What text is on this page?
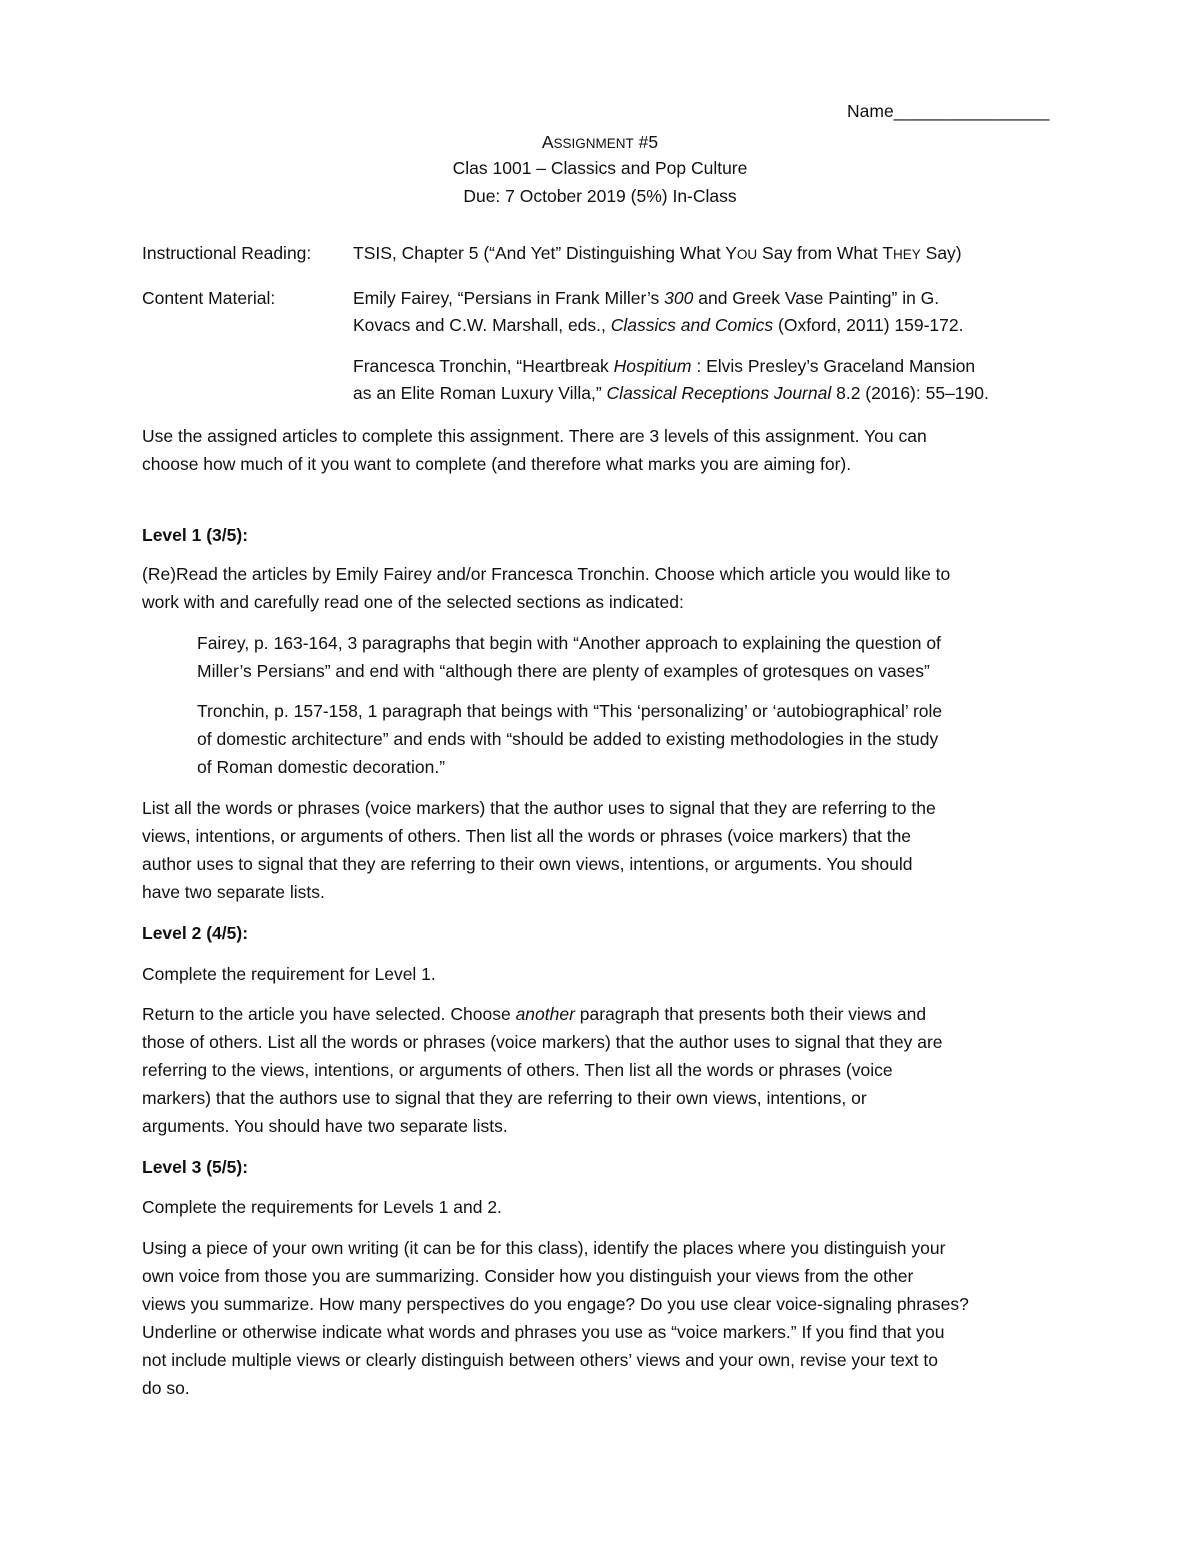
Name________________
ASSIGNMENT #5
Clas 1001 – Classics and Pop Culture
Due: 7 October 2019 (5%) In-Class
Instructional Reading: TSIS, Chapter 5 (“And Yet” Distinguishing What YOU Say from What THEY Say)
Content Material:	Emily Fairey, “Persians in Frank Miller’s 300 and Greek Vase Painting” in G.
Kovacs and C.W. Marshall, eds., Classics and Comics (Oxford, 2011) 159-172.
Francesca Tronchin, “Heartbreak Hospitium : Elvis Presley’s Graceland Mansion
as an Elite Roman Luxury Villa,” Classical Receptions Journal 8.2 (2016): 55–190.
Use the assigned articles to complete this assignment. There are 3 levels of this assignment. You can
choose how much of it you want to complete (and therefore what marks you are aiming for).
Level 1 (3/5):
(Re)Read the articles by Emily Fairey and/or Francesca Tronchin. Choose which article you would like to
work with and carefully read one of the selected sections as indicated:
Fairey, p. 163-164, 3 paragraphs that begin with “Another approach to explaining the question of
Miller’s Persians” and end with “although there are plenty of examples of grotesques on vases”
Tronchin, p. 157-158, 1 paragraph that beings with “This ‘personalizing’ or ‘autobiographical’ role
of domestic architecture” and ends with “should be added to existing methodologies in the study
of Roman domestic decoration.”
List all the words or phrases (voice markers) that the author uses to signal that they are referring to the
views, intentions, or arguments of others. Then list all the words or phrases (voice markers) that the
author uses to signal that they are referring to their own views, intentions, or arguments. You should
have two separate lists.
Level 2 (4/5):
Complete the requirement for Level 1.
Return to the article you have selected. Choose another paragraph that presents both their views and
those of others. List all the words or phrases (voice markers) that the author uses to signal that they are
referring to the views, intentions, or arguments of others. Then list all the words or phrases (voice
markers) that the authors use to signal that they are referring to their own views, intentions, or
arguments. You should have two separate lists.
Level 3 (5/5):
Complete the requirements for Levels 1 and 2.
Using a piece of your own writing (it can be for this class), identify the places where you distinguish your
own voice from those you are summarizing. Consider how you distinguish your views from the other
views you summarize. How many perspectives do you engage? Do you use clear voice-signaling phrases?
Underline or otherwise indicate what words and phrases you use as “voice markers.” If you find that you
not include multiple views or clearly distinguish between others’ views and your own, revise your text to
do so.
